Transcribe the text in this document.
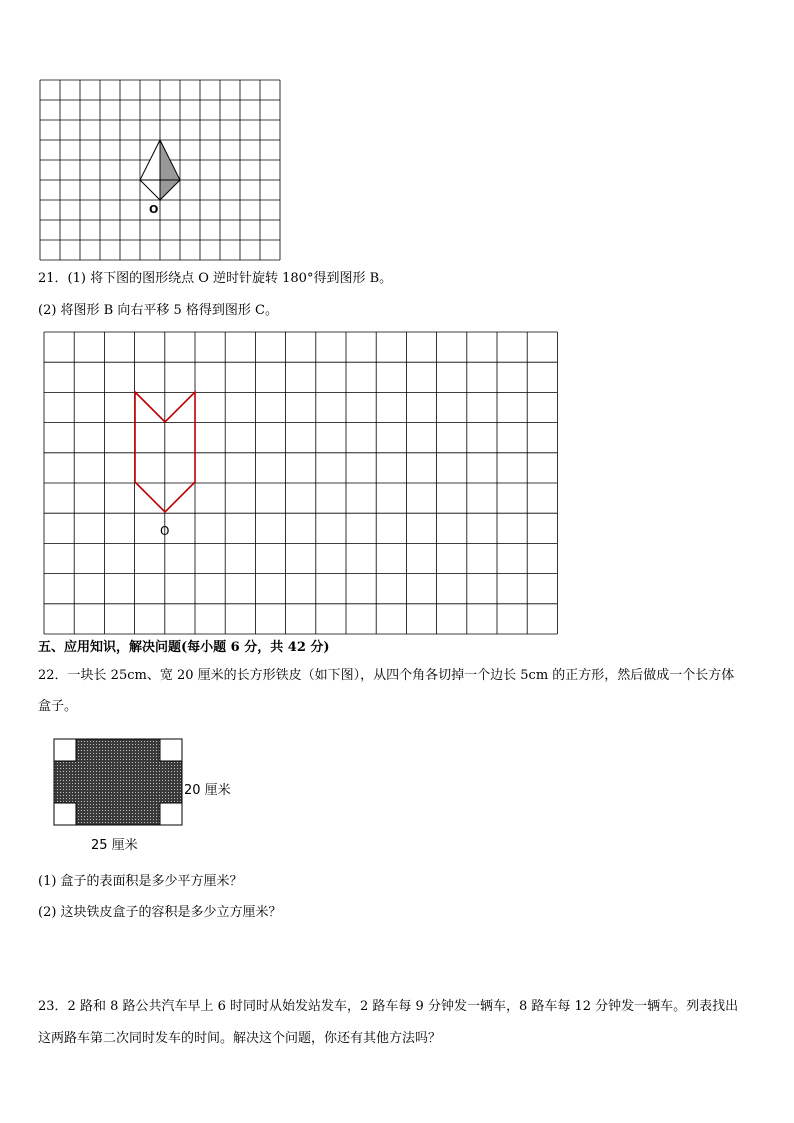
O
21．(1) 将下图的图形绕点 O 逆时针旋转 180°得到图形 B。
(2) 将图形 B 向右平移 5 格得到图形 C。
O
五、应用知识，解决问题(每小题 6 分，共 42 分)
22．一块长 25cm、宽 20 厘米的长方形铁皮（如下图），从四个角各切掉一个边长 5cm 的正方形，然后做成一个长方体
盒子。
20 厘米
25 厘米
(1) 盒子的表面积是多少平方厘米？
(2) 这块铁皮盒子的容积是多少立方厘米？
23．2 路和 8 路公共汽车早上 6 时同时从始发站发车，2 路车每 9 分钟发一辆车，8 路车每 12 分钟发一辆车。列表找出
这两路车第二次同时发车的时间。解决这个问题，你还有其他方法吗？
